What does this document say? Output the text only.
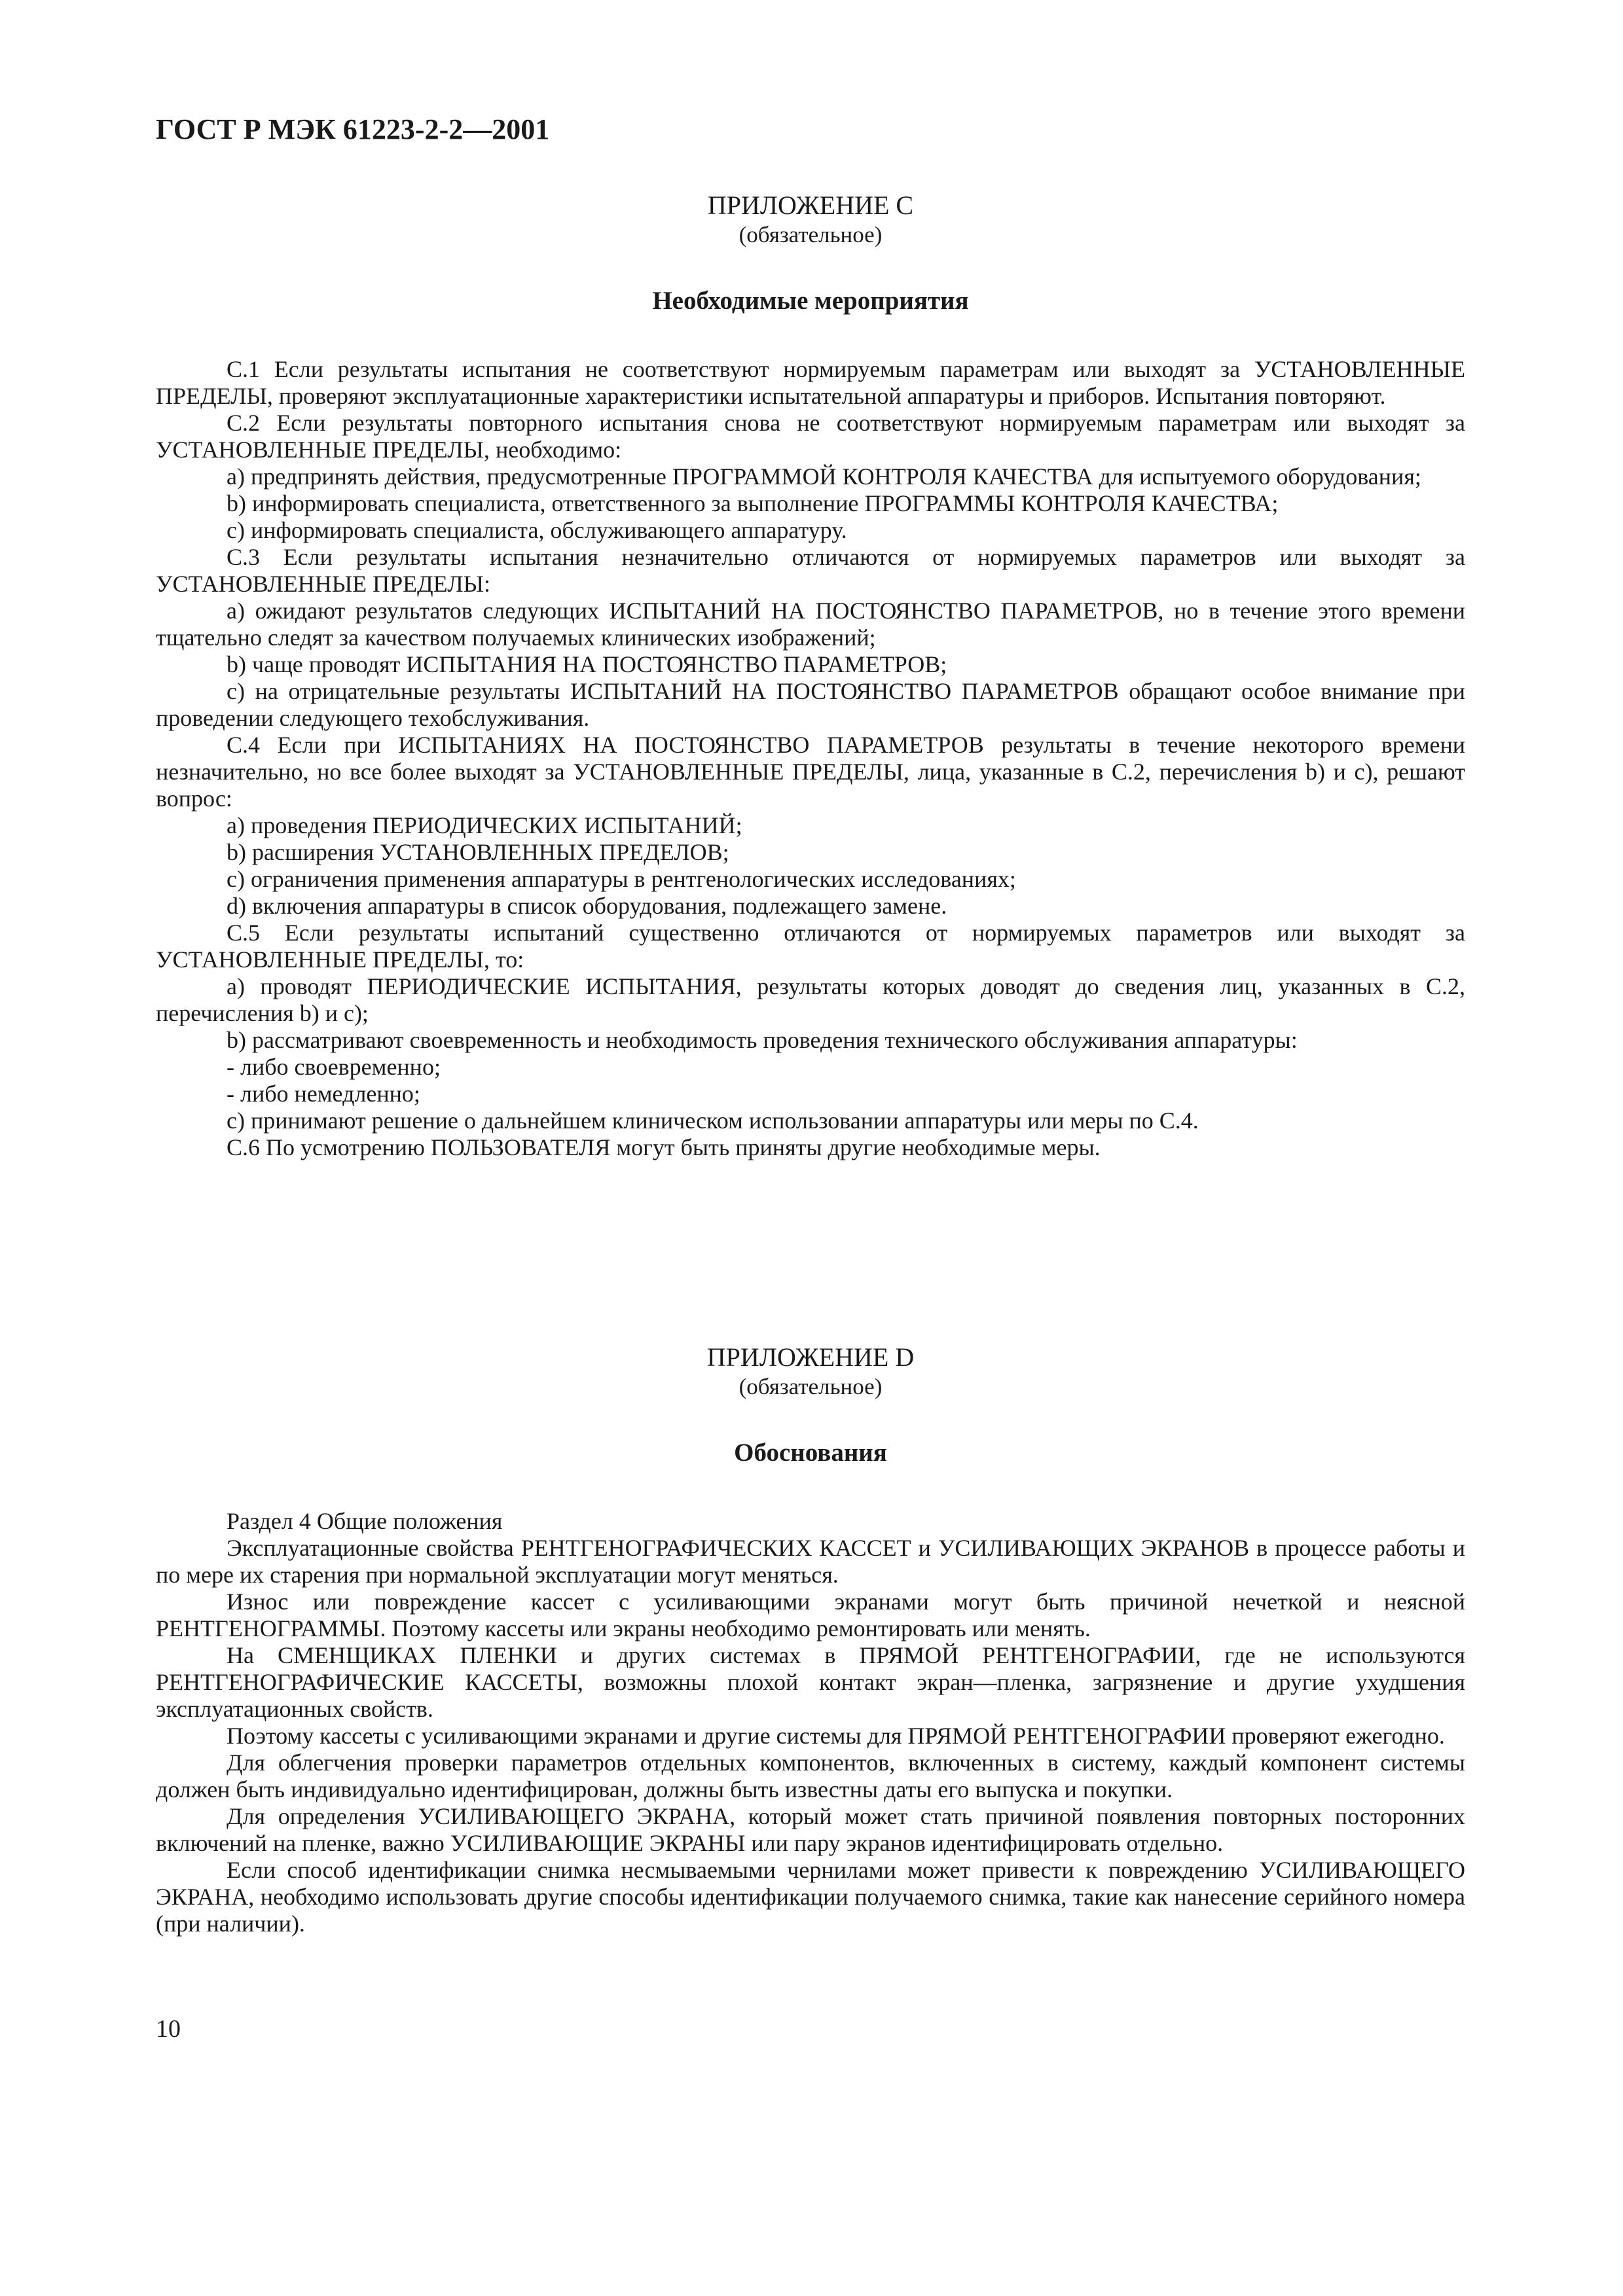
ГОСТ Р МЭК 61223-2-2—2001

ПРИЛОЖЕНИЕ С

(обязательное)

Необходимые мероприятия

С.1 Если результаты испытания не соответствуют нормируемым параметрам или выходят за УСТАНОВЛЕННЫЕ ПРЕДЕЛЫ, проверяют эксплуатационные характеристики испытательной аппаратуры и приборов. Испытания повторяют.

С.2 Если результаты повторного испытания снова не соответствуют нормируемым параметрам или выходят за УСТАНОВЛЕННЫЕ ПРЕДЕЛЫ, необходимо:

a) предпринять действия, предусмотренные ПРОГРАММОЙ КОНТРОЛЯ КАЧЕСТВА для испытуемого оборудования;

b) информировать специалиста, ответственного за выполнение ПРОГРАММЫ КОНТРОЛЯ КАЧЕСТВА;

c) информировать специалиста, обслуживающего аппаратуру.

С.3 Если результаты испытания незначительно отличаются от нормируемых параметров или выходят за УСТАНОВЛЕННЫЕ ПРЕДЕЛЫ:

a) ожидают результатов следующих ИСПЫТАНИЙ НА ПОСТОЯНСТВО ПАРАМЕТРОВ, но в течение этого времени тщательно следят за качеством получаемых клинических изображений;

b) чаще проводят ИСПЫТАНИЯ НА ПОСТОЯНСТВО ПАРАМЕТРОВ;

c) на отрицательные результаты ИСПЫТАНИЙ НА ПОСТОЯНСТВО ПАРАМЕТРОВ обращают особое внимание при проведении следующего техобслуживания.

С.4 Если при ИСПЫТАНИЯХ НА ПОСТОЯНСТВО ПАРАМЕТРОВ результаты в течение некоторого времени незначительно, но все более выходят за УСТАНОВЛЕННЫЕ ПРЕДЕЛЫ, лица, указанные в С.2, перечисления b) и c), решают вопрос:

a) проведения ПЕРИОДИЧЕСКИХ ИСПЫТАНИЙ;

b) расширения УСТАНОВЛЕННЫХ ПРЕДЕЛОВ;

c) ограничения применения аппаратуры в рентгенологических исследованиях;

d) включения аппаратуры в список оборудования, подлежащего замене.

С.5 Если результаты испытаний существенно отличаются от нормируемых параметров или выходят за УСТАНОВЛЕННЫЕ ПРЕДЕЛЫ, то:

a) проводят ПЕРИОДИЧЕСКИЕ ИСПЫТАНИЯ, результаты которых доводят до сведения лиц, указанных в С.2, перечисления b) и c);

b) рассматривают своевременность и необходимость проведения технического обслуживания аппаратуры:

- либо своевременно;

- либо немедленно;

c) принимают решение о дальнейшем клиническом использовании аппаратуры или меры по С.4.

С.6 По усмотрению ПОЛЬЗОВАТЕЛЯ могут быть приняты другие необходимые меры.

ПРИЛОЖЕНИЕ D

(обязательное)

Обоснования

Раздел 4 Общие положения

Эксплуатационные свойства РЕНТГЕНОГРАФИЧЕСКИХ КАССЕТ и УСИЛИВАЮЩИХ ЭКРАНОВ в процессе работы и по мере их старения при нормальной эксплуатации могут меняться.

Износ или повреждение кассет с усиливающими экранами могут быть причиной нечеткой и неясной РЕНТГЕНОГРАММЫ. Поэтому кассеты или экраны необходимо ремонтировать или менять.

На СМЕНЩИКАХ ПЛЕНКИ и других системах в ПРЯМОЙ РЕНТГЕНОГРАФИИ, где не используются РЕНТГЕНОГРАФИЧЕСКИЕ КАССЕТЫ, возможны плохой контакт экран—пленка, загрязнение и другие ухудшения эксплуатационных свойств.

Поэтому кассеты с усиливающими экранами и другие системы для ПРЯМОЙ РЕНТГЕНОГРАФИИ проверяют ежегодно.

Для облегчения проверки параметров отдельных компонентов, включенных в систему, каждый компонент системы должен быть индивидуально идентифицирован, должны быть известны даты его выпуска и покупки.

Для определения УСИЛИВАЮЩЕГО ЭКРАНА, который может стать причиной появления повторных посторонних включений на пленке, важно УСИЛИВАЮЩИЕ ЭКРАНЫ или пару экранов идентифицировать отдельно.

Если способ идентификации снимка несмываемыми чернилами может привести к повреждению УСИЛИВАЮЩЕГО ЭКРАНА, необходимо использовать другие способы идентификации получаемого снимка, такие как нанесение серийного номера (при наличии).

10
